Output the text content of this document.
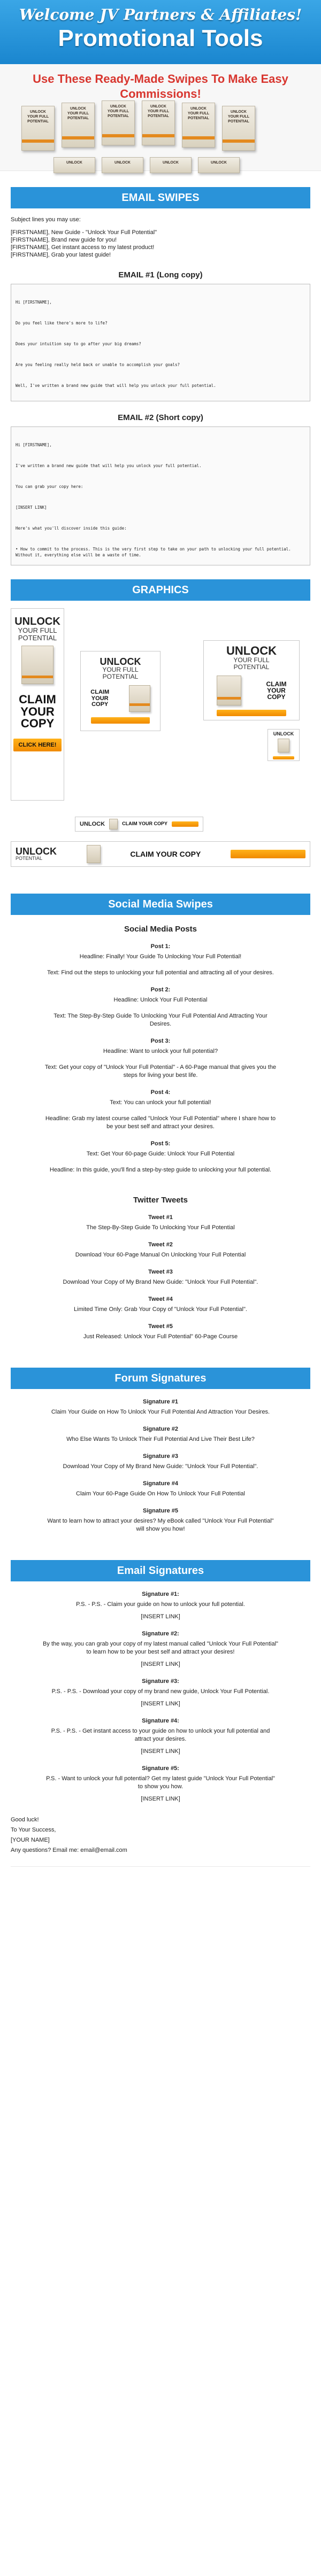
Welcome JV Partners & Affiliates!
Promotional Tools
Use These Ready-Made Swipes To Make Easy Commissions!
UNLOCK
YOUR FULL POTENTIAL
UNLOCK
YOUR FULL POTENTIAL
UNLOCK
YOUR FULL POTENTIAL
UNLOCK
YOUR FULL POTENTIAL
UNLOCK
YOUR FULL POTENTIAL
UNLOCK
YOUR FULL POTENTIAL
UNLOCK	UNLOCK	UNLOCK	UNLOCK
EMAIL SWIPES
Subject lines you may use:
[FIRSTNAME], New Guide - "Unlock Your Full Potential"
[FIRSTNAME], Brand new guide for you!
[FIRSTNAME], Get instant access to my latest product!
[FIRSTNAME], Grab your latest guide!
EMAIL #1 (Long copy)

Hi [FIRSTNAME],

Do you feel like there's more to life?

Does your intuition say to go after your big dreams?

Are you feeling really held back or unable to accomplish your goals?

Well, I've written a brand new guide that will help you unlock your full potential.

EMAIL #2 (Short copy)

Hi [FIRSTNAME],

I've written a brand new guide that will help you unlock your full potential.

You can grab your copy here:

[INSERT LINK]

Here's what you'll discover inside this guide:

• How to commit to the process. This is the very first step to take on your path to unlocking your full potential. Without it, everything else will be a waste of time.

GRAPHICS
UNLOCK
YOUR FULL
POTENTIAL
CLAIM
YOUR
COPY
CLICK HERE!
UNLOCK
YOUR FULL
POTENTIAL
CLAIM
YOUR
COPY
UNLOCK
YOUR FULL
POTENTIAL
CLAIM
YOUR
COPY
UNLOCK
UNLOCK	CLAIM YOUR COPY
UNLOCK
POTENTIAL
CLAIM YOUR COPY
Social Media Swipes
Social Media Posts
Post 1:
Headline: Finally! Your Guide To Unlocking Your Full Potential!

Text: Find out the steps to unlocking your full potential and attracting all of your desires.
Post 2:
Headline: Unlock Your Full Potential

Text: The Step-By-Step Guide To Unlocking Your Full Potential And Attracting Your Desires.
Post 3:
Headline: Want to unlock your full potential?

Text: Get your copy of "Unlock Your Full Potential" - A 60-Page manual that gives you the steps for living your best life.
Post 4:
Text: You can unlock your full potential!

Headline: Grab my latest course called "Unlock Your Full Potential" where I share how to be your best self and attract your desires.
Post 5:
Text: Get Your 60-page Guide: Unlock Your Full Potential

Headline: In this guide, you'll find a step-by-step guide to unlocking your full potential.
Twitter Tweets
Tweet #1
The Step-By-Step Guide To Unlocking Your Full Potential
Tweet #2
Download Your 60-Page Manual On Unlocking Your Full Potential
Tweet #3
Download Your Copy of My Brand New Guide: "Unlock Your Full Potential".
Tweet #4
Limited Time Only: Grab Your Copy of "Unlock Your Full Potential".
Tweet #5
Just Released: Unlock Your Full Potential" 60-Page Course
Forum Signatures
Signature #1
Claim Your Guide on How To Unlock Your Full Potential And Attraction Your Desires.
Signature #2
Who Else Wants To Unlock Their Full Potential And Live Their Best Life?
Signature #3
Download Your Copy of My Brand New Guide: "Unlock Your Full Potential".
Signature #4
Claim Your 60-Page Guide On How To Unlock Your Full Potential
Signature #5
Want to learn how to attract your desires? My eBook called "Unlock Your Full Potential" will show you how!
Email Signatures
Signature #1:
P.S. - P.S. - Claim your guide on how to unlock your full potential.
[INSERT LINK]
Signature #2:
By the way, you can grab your copy of my latest manual called "Unlock Your Full Potential" to learn how to be your best self and attract your desires!
[INSERT LINK]
Signature #3:
P.S. - P.S. - Download your copy of my brand new guide, Unlock Your Full Potential.
[INSERT LINK]
Signature #4:
P.S. - P.S. - Get instant access to your guide on how to unlock your full potential and attract your desires.
[INSERT LINK]
Signature #5:
P.S. - Want to unlock your full potential? Get my latest guide "Unlock Your Full Potential" to show you how.
[INSERT LINK]
Good luck!
To Your Success,
[YOUR NAME]
Any questions? Email me: email@email.com
